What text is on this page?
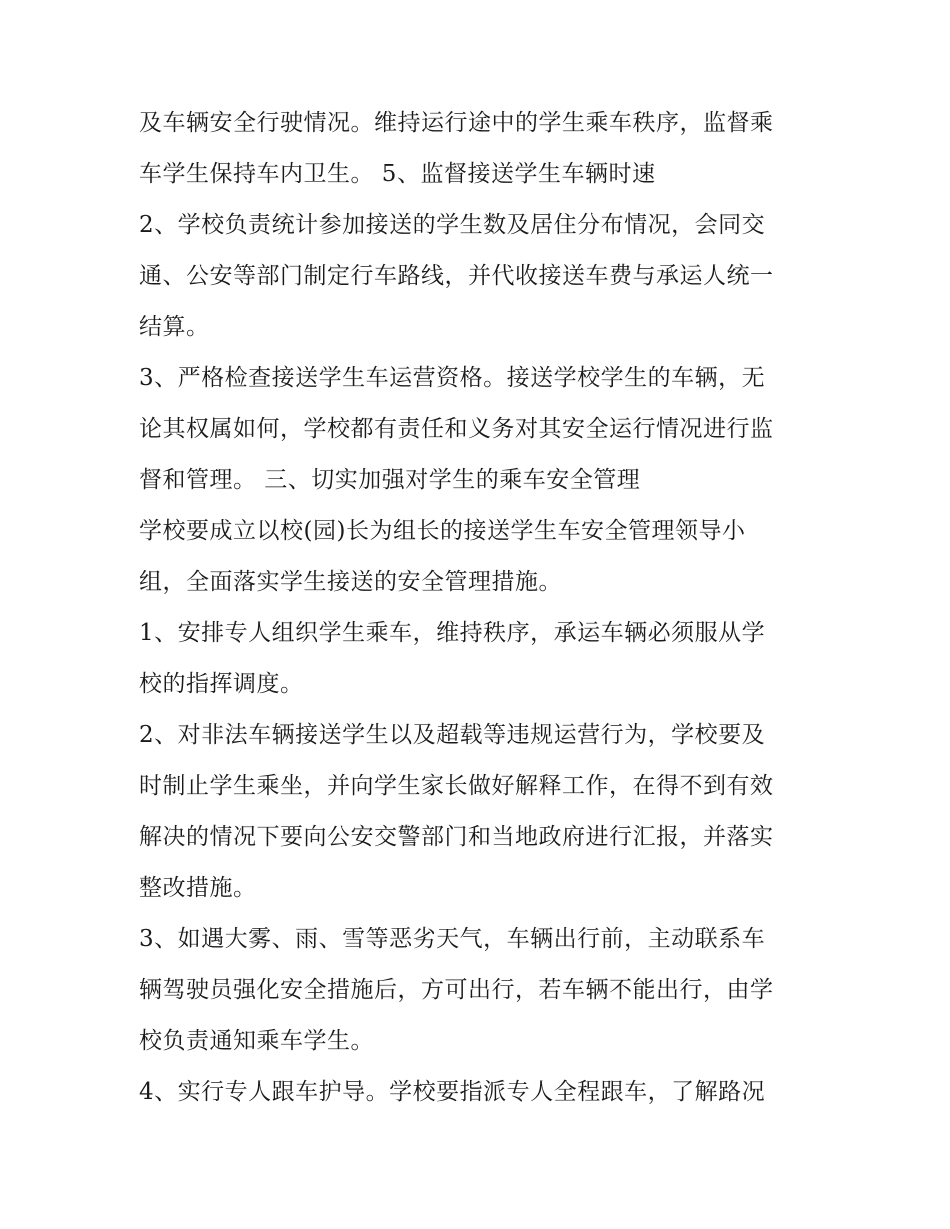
及车辆安全行驶情况。维持运行途中的学生乘车秩序，监督乘
车学生保持车内卫生。 5、监督接送学生车辆时速
2、学校负责统计参加接送的学生数及居住分布情况，会同交
通、公安等部门制定行车路线，并代收接送车费与承运人统一
结算。
3、严格检查接送学生车运营资格。接送学校学生的车辆，无
论其权属如何，学校都有责任和义务对其安全运行情况进行监
督和管理。 三、切实加强对学生的乘车安全管理
学校要成立以校(园)长为组长的接送学生车安全管理领导小
组，全面落实学生接送的安全管理措施。
1、安排专人组织学生乘车，维持秩序，承运车辆必须服从学
校的指挥调度。
2、对非法车辆接送学生以及超载等违规运营行为，学校要及
时制止学生乘坐，并向学生家长做好解释工作，在得不到有效
解决的情况下要向公安交警部门和当地政府进行汇报，并落实
整改措施。
3、如遇大雾、雨、雪等恶劣天气，车辆出行前，主动联系车
辆驾驶员强化安全措施后，方可出行，若车辆不能出行，由学
校负责通知乘车学生。
4、实行专人跟车护导。学校要指派专人全程跟车，了解路况
